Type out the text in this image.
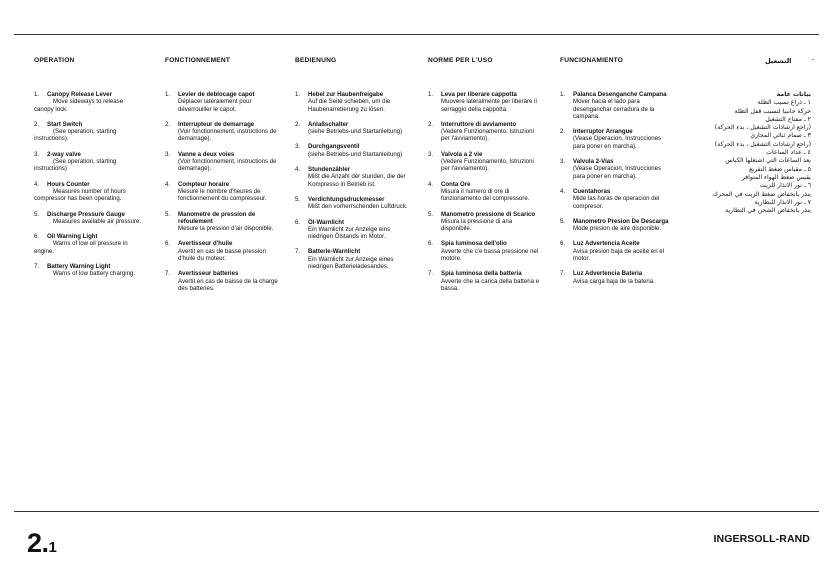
OPERATION	FONCTIONNEMENT	BEDIENUNG	NORME PER L'USO	FUNCIONAMIENTO	التشغيل	-
1. Canopy Release Lever
Move sideways to release canopy lock.
2. Start Switch
(See operation, starting instructions).
3. 2-way valve
(See operation, starting instructions)
4. Hours Counter
Measures number of hours compressor has been operating.
5. Discharge Pressure Gauge
Measures available air pressure.
6. Oil Warning Light
Warns of low oil pressure in engine.
7. Battery Warning Light
Warns of low battery charging.
1. Levier de deblocage capot
Déplacer latéralement pour déverrouiller le capot.
2. Interrupteur de demarrage
(Voir fonctionnement, instructions de demarrage).
3. Vanne a deux voies
(Voir fonctionnement, instructions de demarrage).
4. Compteur horaire
Mesure le nombre d'heures de fonctionnement du compresseur.
5. Manometre de pression de refoulement
Mesure la pression d'air disponible.
6. Avertisseur d'huile
Avertit en cas de basse pression d'huile du moteur.
7. Avertisseur batteries
Avertit en cas de baisse de la charge des batteries.
1. Hebel zur Haubenfreigabe
Auf die Seite schieben, um die Haubenarretierung zu lösen.
2. Anlaßschalter
(siehe Betriebs-und Startanleitung)
3. Durchgangsventil
(siehe Betriebs-und Startanleitung)
4. Stundenzähler
Mißt die Anzahl der stunden, die der Kompresso in Betrieb ist.
5. Verdichtungsdruckmesser
Mißt den vorherrschenden Luftdruck.
6. Öl-Warnlicht
Ein Warnlicht zur Anzeige eins niedrigen Ölstands im Motor.
7. Batterie-Warnlicht
Ein Warnlicht zur Anzeige eines niedrigen Batterieladesandes.
1. Leva per liberare cappotta
Muovere lateralmente per liberare il serraggio della cappotta.
2. Interruttore di avviamento
(Vedere Funzionamento, Istruzioni per l'avviamento).
3. Valvola a 2 vie
(Vedere Funzionamento, Istruzioni per l'avviamento).
4. Conta Ore
Misura il numero di ore di funzionamento del compressore.
5. Manometro pressione di Scarico
Misura la pressione di aria disponibile.
6. Spia luminosa dell'olio
Avverte che c'e bassa pressione nel motore.
7. Spia luminosa della batteria
Avverte che la carica della batteria e bassa.
1. Palanca Desenganche Campana
Mover hacia el lado para desenganchar cerradura de la campana.
2. Interruptor Arrangue
(Vease Operacion, Instrucciones para poner en marcha).
3. Valvula 2-Vias
(Vease Operacion, Instrucciones para poner en marcha).
4. Cuentahoras
Mide las horas de operacion del compresor.
5. Manometro Presion De Descarga
Mode presion de aire disponible.
6. Luz Advertencia Aceite
Avisa presion baja de aceite en el motor.
7. Luz Advertencia Bateria
Avisa carga baja de la bateria.
بيانات عامة
١ ـ ذراع تسيب الظلة
حركة جانبيا لتسيب قفل الظلة
٢ ـ مفتاح التشغيل
(راجع ارشادات التشغيل ، بدء الحركة)
٣ ـ صمام ثنائي المجاري
(راجع ارشادات التشغيل ، بدء الحركة)
٤ ـ عداد الساعات
يعد الساعات التي اشتغلها الكباس
٥ ـ مقياس ضغط التفريغ
يقيس ضغط الهواء المتوافر
٦ ـ نور الانذار للزيت
ينذر بانخفاض ضغط الزيت في المحرك
٧ ـ نور الانذار للبطارية
ينذر بانخفاض الشحن في البطارية
2.1	INGERSOLL-RAND
